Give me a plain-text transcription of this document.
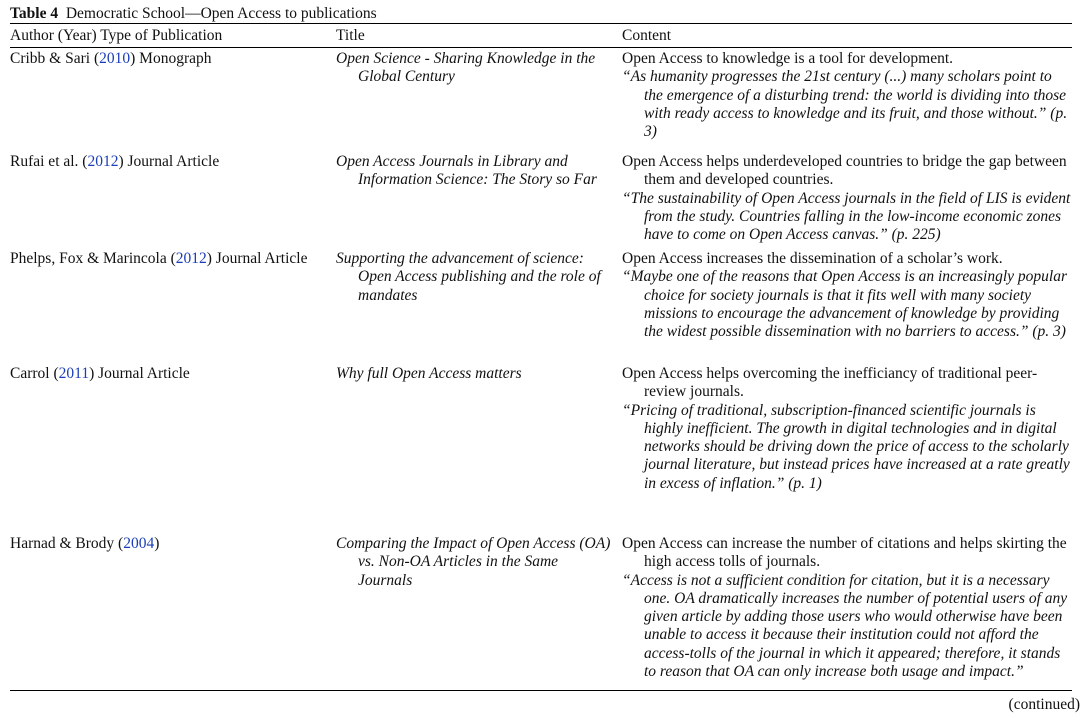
Table 4 Democratic School—Open Access to publications
Author (Year) Type of Publication	Title	Content
Cribb & Sari (2010) Monograph	Open Science - Sharing Knowledge in the Global Century	Open Access to knowledge is a tool for development.

“As humanity progresses the 21st century (...) many scholars point to the emergence of a disturbing trend: the world is dividing into those with ready access to knowledge and its fruit, and those without.” (p. 3)

Rufai et al. (2012) Journal Article	Open Access Journals in Library and Information Science: The Story so Far	Open Access helps underdeveloped countries to bridge the gap between them and developed countries.

“The sustainability of Open Access journals in the field of LIS is evident from the study. Countries falling in the low-income economic zones have to come on Open Access canvas.” (p. 225)

Phelps, Fox & Marincola (2012) Journal Article	Supporting the advancement of science: Open Access publishing and the role of mandates	Open Access increases the dissemination of a scholar’s work.

“Maybe one of the reasons that Open Access is an increasingly popular choice for society journals is that it fits well with many society missions to encourage the advancement of knowledge by providing the widest possible dissemination with no barriers to access.” (p. 3)

Carrol (2011) Journal Article	Why full Open Access matters	Open Access helps overcoming the inefficiancy of traditional peer-review journals.

“Pricing of traditional, subscription-financed scientific journals is highly inefficient. The growth in digital technologies and in digital networks should be driving down the price of access to the scholarly journal literature, but instead prices have increased at a rate greatly in excess of inflation.” (p. 1)

Harnad & Brody (2004)	Comparing the Impact of Open Access (OA) vs. Non-OA Articles in the Same Journals	Open Access can increase the number of citations and helps skirting the high access tolls of journals.

“Access is not a sufficient condition for citation, but it is a necessary one. OA dramatically increases the number of potential users of any given article by adding those users who would otherwise have been unable to access it because their institution could not afford the access-tolls of the journal in which it appeared; therefore, it stands to reason that OA can only increase both usage and impact.”

(continued)
